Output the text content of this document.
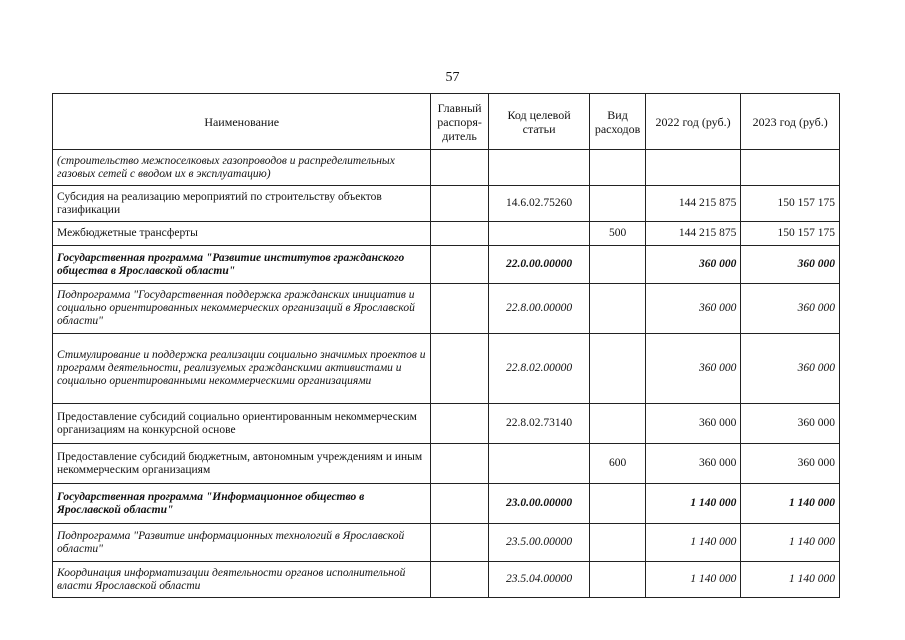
57
Наименование	Главный распоря-дитель	Код целевой статьи	Вид расходов	2022 год (руб.)	2023 год (руб.)
(строительство межпоселковых газопроводов и распределительных газовых сетей с вводом их в эксплуатацию)					
Субсидия на реализацию мероприятий по строительству объектов газификации		14.6.02.75260		144 215 875	150 157 175
Межбюджетные трансферты			500	144 215 875	150 157 175
Государственная программа "Развитие институтов гражданского общества в Ярославской области"		22.0.00.00000		360 000	360 000
Подпрограмма "Государственная поддержка гражданских инициатив и социально ориентированных некоммерческих организаций в Ярославской области"		22.8.00.00000		360 000	360 000
Стимулирование и поддержка реализации социально значимых проектов и программ деятельности, реализуемых гражданскими активистами и социально ориентированными некоммерческими организациями		22.8.02.00000		360 000	360 000
Предоставление субсидий социально ориентированным некоммерческим организациям на конкурсной основе		22.8.02.73140		360 000	360 000
Предоставление субсидий бюджетным, автономным учреждениям и иным некоммерческим организациям			600	360 000	360 000
Государственная программа "Информационное общество в Ярославской области"		23.0.00.00000		1 140 000	1 140 000
Подпрограмма "Развитие информационных технологий в Ярославской области"		23.5.00.00000		1 140 000	1 140 000
Координация информатизации деятельности органов исполнительной власти Ярославской области		23.5.04.00000		1 140 000	1 140 000
